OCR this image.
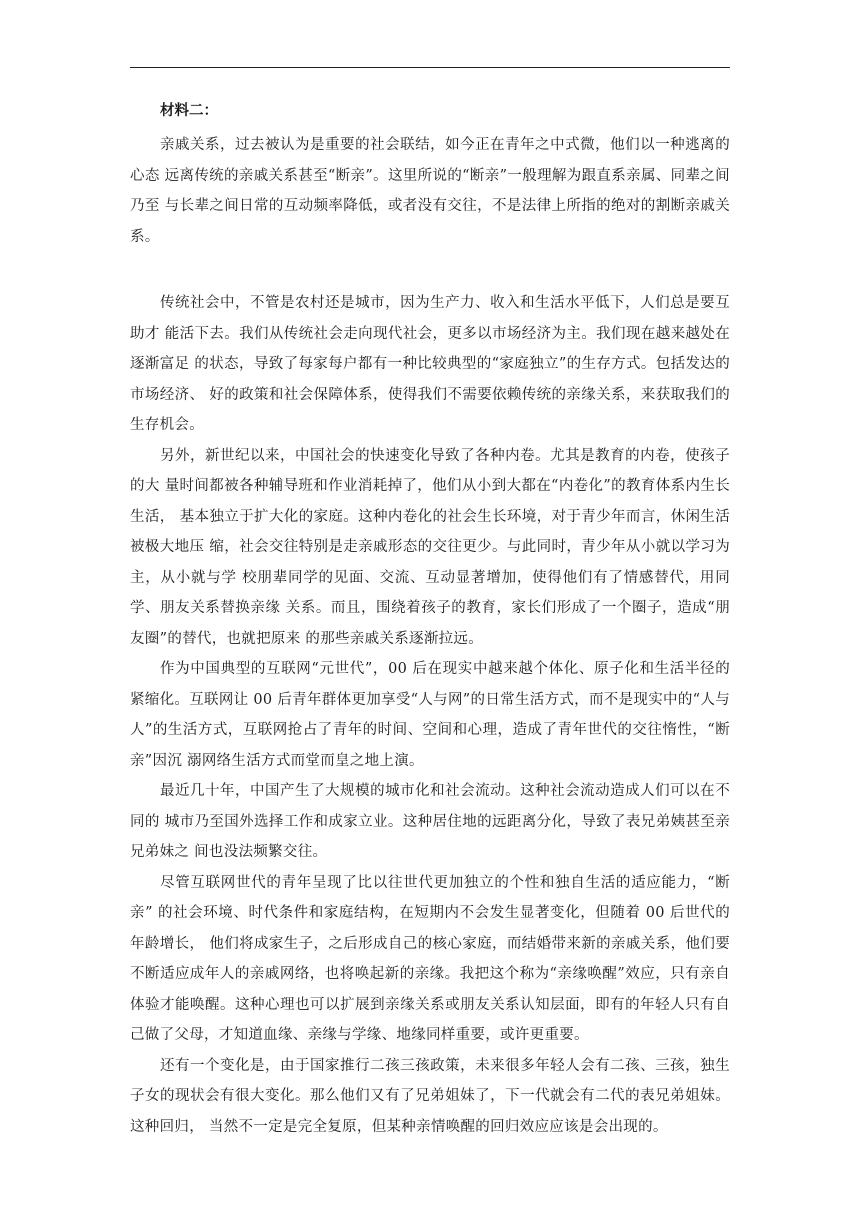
材料二：

亲戚关系，过去被认为是重要的社会联结，如今正在青年之中式微，他们以一种逃离的心态 远离传统的亲戚关系甚至“断亲”。这里所说的“断亲”一般理解为跟直系亲属、同辈之间乃至 与长辈之间日常的互动频率降低，或者没有交往，不是法律上所指的绝对的割断亲戚关系。

传统社会中，不管是农村还是城市，因为生产力、收入和生活水平低下，人们总是要互助才 能活下去。我们从传统社会走向现代社会，更多以市场经济为主。我们现在越来越处在逐渐富足 的状态，导致了每家每户都有一种比较典型的“家庭独立”的生存方式。包括发达的市场经济、 好的政策和社会保障体系，使得我们不需要依赖传统的亲缘关系，来获取我们的生存机会。

另外，新世纪以来，中国社会的快速变化导致了各种内卷。尤其是教育的内卷，使孩子的大 量时间都被各种辅导班和作业消耗掉了，他们从小到大都在“内卷化”的教育体系内生长生活， 基本独立于扩大化的家庭。这种内卷化的社会生长环境，对于青少年而言，休闲生活被极大地压 缩，社会交往特别是走亲戚形态的交往更少。与此同时，青少年从小就以学习为主，从小就与学 校朋辈同学的见面、交流、互动显著增加，使得他们有了情感替代，用同学、朋友关系替换亲缘 关系。而且，围绕着孩子的教育，家长们形成了一个圈子，造成“朋友圈”的替代，也就把原来 的那些亲戚关系逐渐拉远。

作为中国典型的互联网“元世代”，00 后在现实中越来越个体化、原子化和生活半径的紧缩化。互联网让 00 后青年群体更加享受“人与网”的日常生活方式，而不是现实中的“人与人”的生活方式，互联网抢占了青年的时间、空间和心理，造成了青年世代的交往惰性，“断亲”因沉 溺网络生活方式而堂而皇之地上演。

最近几十年，中国产生了大规模的城市化和社会流动。这种社会流动造成人们可以在不同的 城市乃至国外选择工作和成家立业。这种居住地的远距离分化，导致了表兄弟姨甚至亲兄弟妹之 间也没法频繁交往。

尽管互联网世代的青年呈现了比以往世代更加独立的个性和独自生活的适应能力，“断亲” 的社会环境、时代条件和家庭结构，在短期内不会发生显著变化，但随着 00 后世代的年龄增长， 他们将成家生子，之后形成自己的核心家庭，而结婚带来新的亲戚关系，他们要不断适应成年人的亲戚网络，也将唤起新的亲缘。我把这个称为“亲缘唤醒”效应，只有亲自体验才能唤醒。这种心理也可以扩展到亲缘关系或朋友关系认知层面，即有的年轻人只有自己做了父母，才知道血缘、亲缘与学缘、地缘同样重要，或许更重要。

还有一个变化是，由于国家推行二孩三孩政策，未来很多年轻人会有二孩、三孩，独生子女的现状会有很大变化。那么他们又有了兄弟姐妹了，下一代就会有二代的表兄弟姐妹。这种回归， 当然不一定是完全复原，但某种亲情唤醒的回归效应应该是会出现的。
